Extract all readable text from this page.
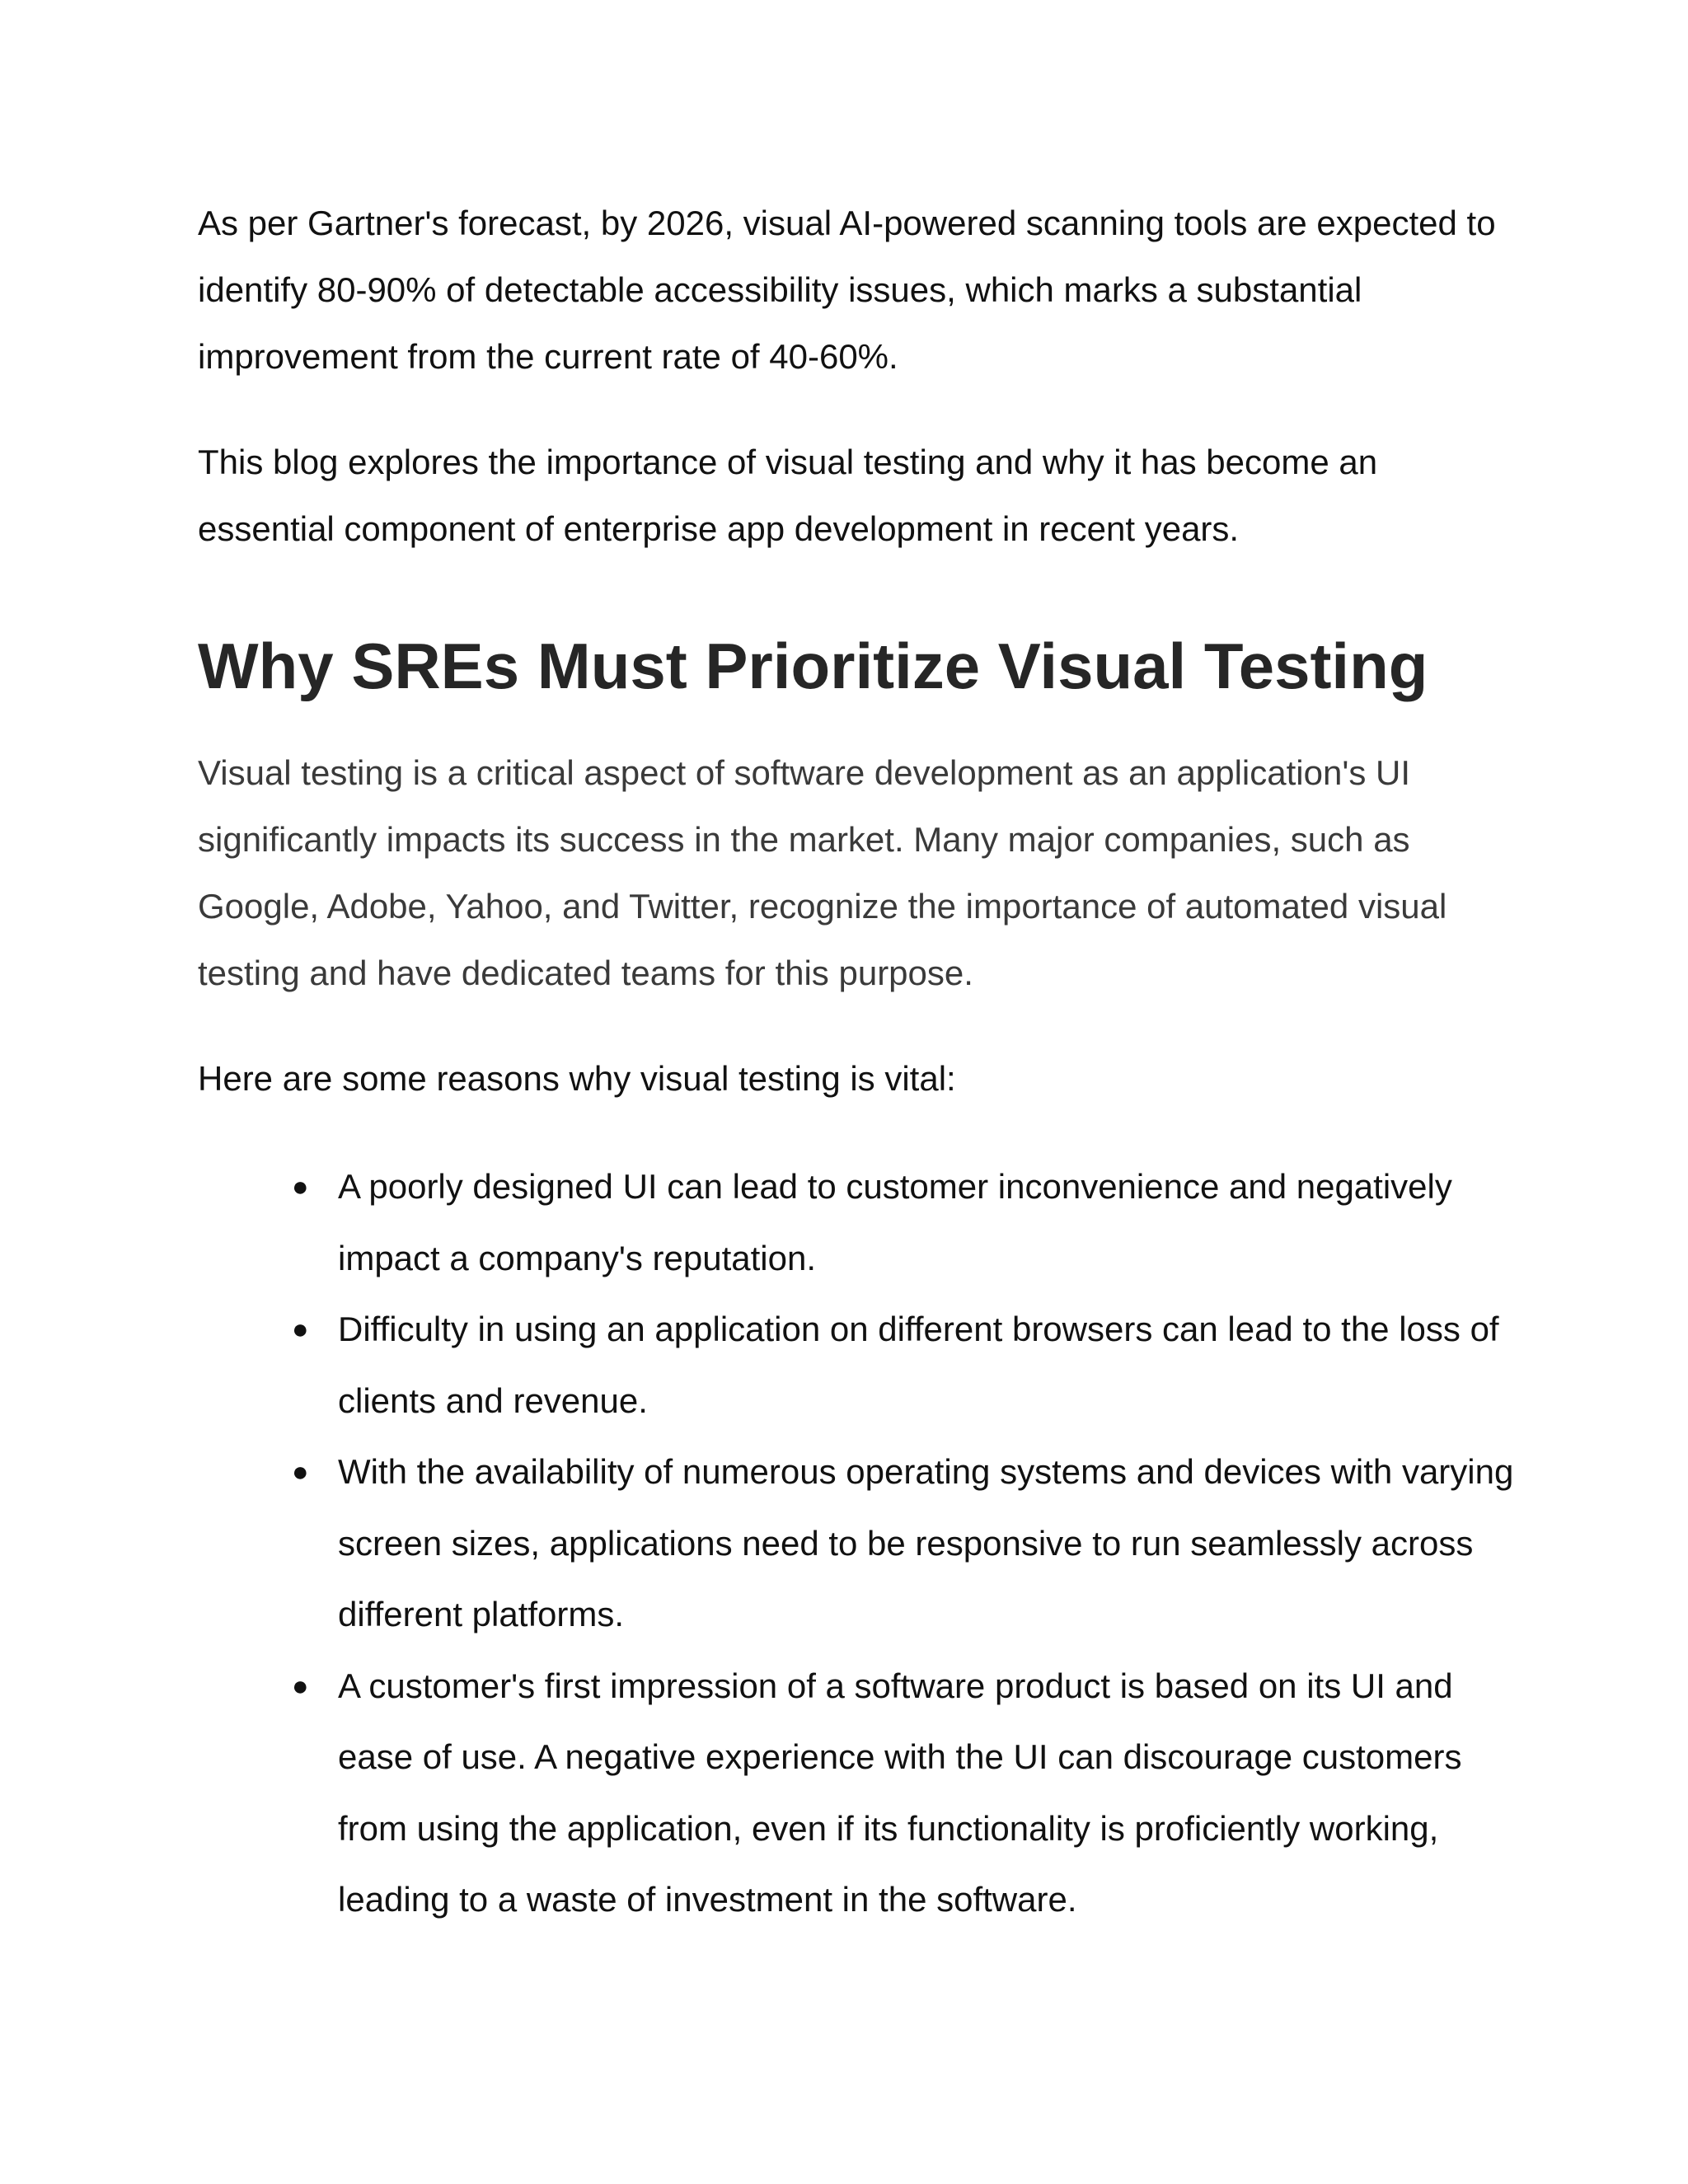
As per Gartner's forecast, by 2026, visual AI-powered scanning tools are expected to identify 80-90% of detectable accessibility issues, which marks a substantial improvement from the current rate of 40-60%.

This blog explores the importance of visual testing and why it has become an essential component of enterprise app development in recent years.

Why SREs Must Prioritize Visual Testing

Visual testing is a critical aspect of software development as an application's UI significantly impacts its success in the market. Many major companies, such as Google, Adobe, Yahoo, and Twitter, recognize the importance of automated visual testing and have dedicated teams for this purpose.

Here are some reasons why visual testing is vital:

● A poorly designed UI can lead to customer inconvenience and negatively impact a company's reputation.
● Difficulty in using an application on different browsers can lead to the loss of clients and revenue.
● With the availability of numerous operating systems and devices with varying screen sizes, applications need to be responsive to run seamlessly across different platforms.
● A customer's first impression of a software product is based on its UI and ease of use. A negative experience with the UI can discourage customers from using the application, even if its functionality is proficiently working, leading to a waste of investment in the software.
